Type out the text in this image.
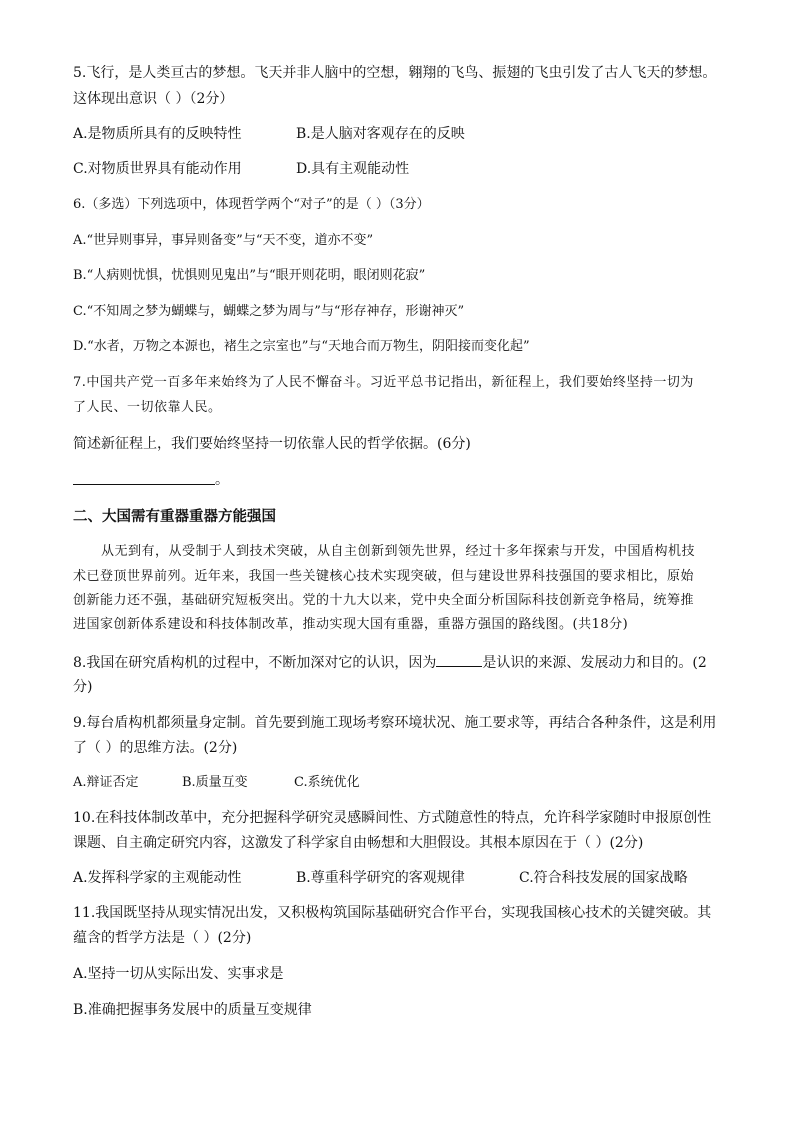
5.飞行，是人类亘古的梦想。飞天并非人脑中的空想，翱翔的飞鸟、振翅的飞虫引发了古人飞天的梦想。
这体现出意识（ ）（2分）
A.是物质所具有的反映特性	B.是人脑对客观存在的反映
C.对物质世界具有能动作用	D.具有主观能动性
6.（多选）下列选项中，体现哲学两个“对子”的是（ ）（3分）
A.“世异则事异，事异则备变”与“天不变，道亦不变”
B.“人病则忧惧，忧惧则见鬼出”与“眼开则花明，眼闭则花寂”
C.“不知周之梦为蝴蝶与，蝴蝶之梦为周与”与“形存神存，形谢神灭”
D.“水者，万物之本源也，褚生之宗室也”与“天地合而万物生，阴阳接而变化起”
7.中国共产党一百多年来始终为了人民不懈奋斗。习近平总书记指出，新征程上，我们要始终坚持一切为
了人民、一切依靠人民。
简述新征程上，我们要始终坚持一切依靠人民的哲学依据。(6分)
。
二、大国需有重器重器方能强国
从无到有，从受制于人到技术突破，从自主创新到领先世界，经过十多年探索与开发，中国盾构机技
术已登顶世界前列。近年来，我国一些关键核心技术实现突破，但与建设世界科技强国的要求相比，原始
创新能力还不强，基础研究短板突出。党的十九大以来，党中央全面分析国际科技创新竞争格局，统筹推
进国家创新体系建设和科技体制改革，推动实现大国有重器，重器方强国的路线图。(共18分)
8.我国在研究盾构机的过程中，不断加深对它的认识，因为	是认识的来源、发展动力和目的。(2
分)
9.每台盾构机都须量身定制。首先要到施工现场考察环境状况、施工要求等，再结合各种条件，这是利用
了（ ）的思维方法。(2分)
A.辩证否定	B.质量互变	C.系统优化
10.在科技体制改革中，充分把握科学研究灵感瞬间性、方式随意性的特点，允许科学家随时申报原创性
课题、自主确定研究内容，这激发了科学家自由畅想和大胆假设。其根本原因在于（ ）(2分)
A.发挥科学家的主观能动性	B.尊重科学研究的客观规律	C.符合科技发展的国家战略
11.我国既坚持从现实情况出发，又积极构筑国际基础研究合作平台，实现我国核心技术的关键突破。其
蕴含的哲学方法是（ ）(2分)
A.坚持一切从实际出发、实事求是
B.准确把握事务发展中的质量互变规律
